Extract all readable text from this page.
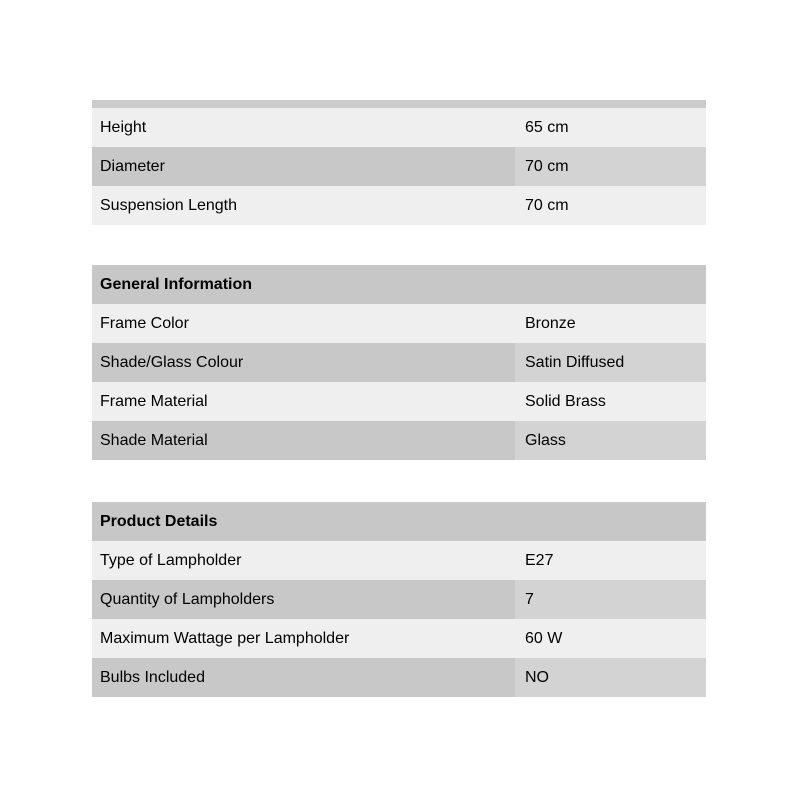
Height	65 cm
Diameter	70 cm
Suspension Length	70 cm
General Information
Frame Color	Bronze
Shade/Glass Colour	Satin Diffused
Frame Material	Solid Brass
Shade Material	Glass
Product Details
Type of Lampholder	E27
Quantity of Lampholders	7
Maximum Wattage per Lampholder	60 W
Bulbs Included	NO
